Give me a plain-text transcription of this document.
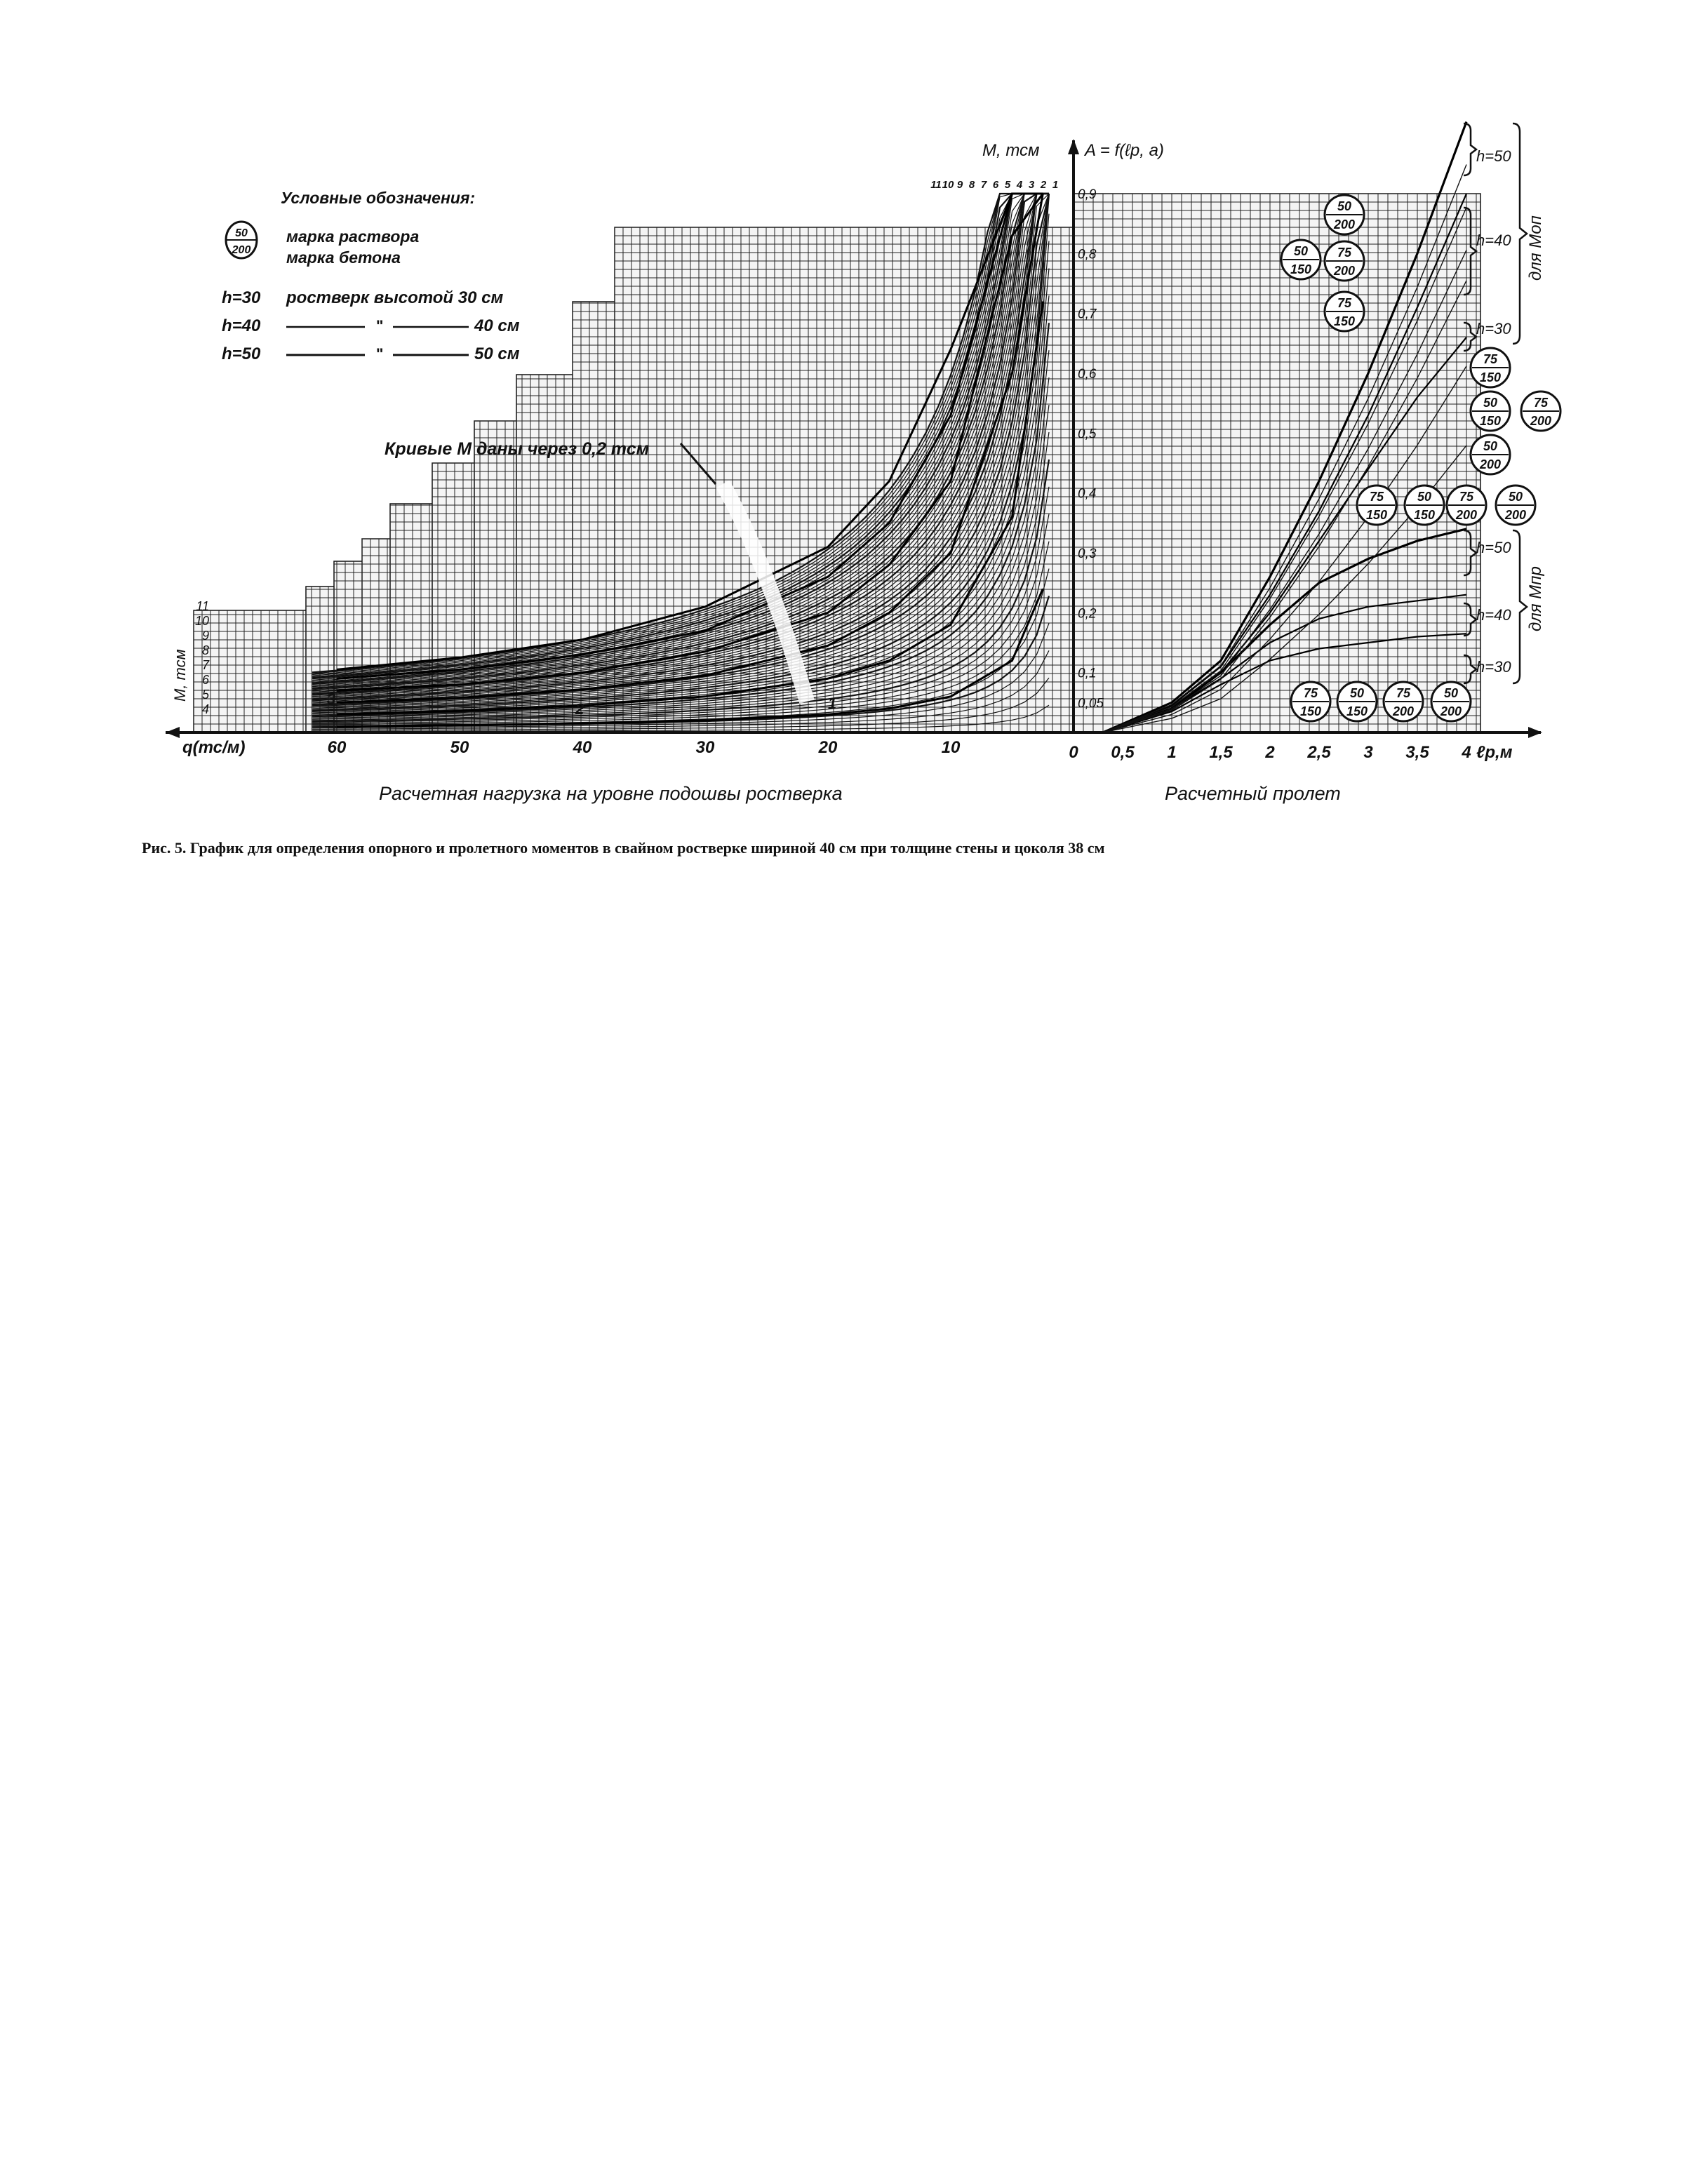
Условные обозначения:
50
200
марка раствора
марка бетона
h=30 ростверк высотой 30 см
h=40	"	40 см
h=50	"	50 см
Кривые М даны через 0,2 тсм
М, тсм
11 10 9 8 7 6 5 4 3 2 1
11
10
9
8
7
6
5
4
М, тсм	3
2	1
q(тс/м)	60	50	40	30	20	10
Расчетная нагрузка на уровне подошвы ростверка
A = f(ℓp, a)
0,9
0,8
0,7
0,6
0,5
0,4
0,3
0,2
0,1
0,05
0 0,5 1 1,5 2 2,5 3 3,5 4 ℓp,м
Расчетный пролет
h=50
h=40
h=30
h=50
h=40
h=30
для Моп
для Мпр
50
200
50
150
75
200
75
150
75
150
50
150
75
200
50
200
75
150
50
150
75
200
50
200
75
150
50
150
75
200
50
200
Рис. 5. График для определения опорного и пролетного моментов в свайном ростверке шириной 40 см при толщине стены и цоколя 38 см
